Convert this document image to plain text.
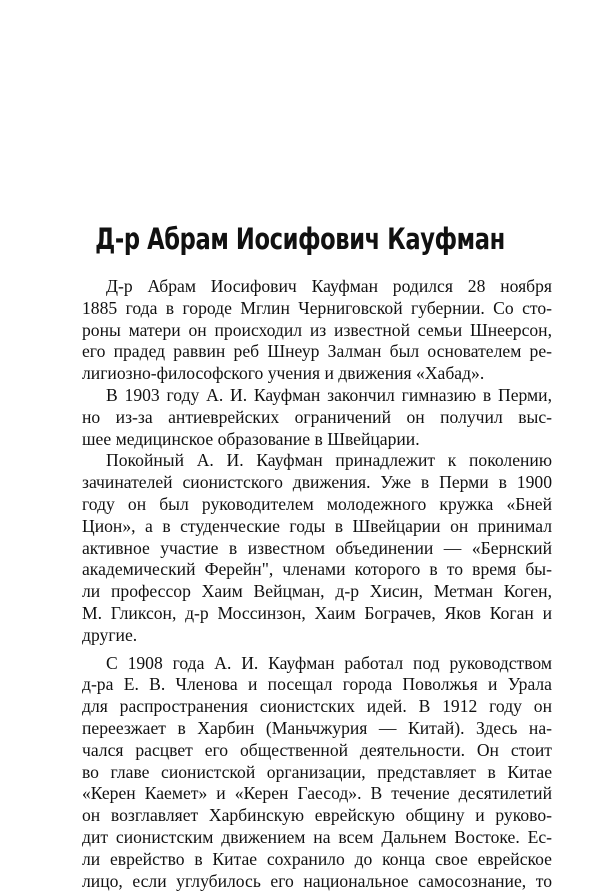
Д-р Абрам Иосифович Кауфман
Д-р Абрам Иосифович Кауфман родился 28 ноября
1885 года в городе Мглин Черниговской губернии. Со сто-
роны матери он происходил из известной семьи Шнеерсон,
его прадед раввин реб Шнеур Залман был основателем ре-
лигиозно-философского учения и движения «Хабад».
В 1903 году А. И. Кауфман закончил гимназию в Перми,
но из-за антиеврейских ограничений он получил выс-
шее медицинское образование в Швейцарии.
Покойный А. И. Кауфман принадлежит к поколению
зачинателей сионистского движения. Уже в Перми в 1900
году он был руководителем молодежного кружка «Бней
Цион», а в студенческие годы в Швейцарии он принимал
активное участие в известном объединении — «Бернский
академический Ферейн", членами которого в то время бы-
ли профессор Хаим Вейцман, д-р Хисин, Метман Коген,
М. Гликсон, д-р Моссинзон, Хаим Бограчев, Яков Коган и
другие.
С 1908 года А. И. Кауфман работал под руководством
д-ра Е. В. Членова и посещал города Поволжья и Урала
для распространения сионистских идей. В 1912 году он
переезжает в Харбин (Маньчжурия — Китай). Здесь на-
чался расцвет его общественной деятельности. Он стоит
во главе сионистской организации, представляет в Китае
«Керен Каемет» и «Керен Гаесод». В течение десятилетий
он возглавляет Харбинскую еврейскую общину и руково-
дит сионистским движением на всем Дальнем Востоке. Ес-
ли еврейство в Китае сохранило до конца свое еврейское
лицо, если углубилось его национальное самосознание, то
